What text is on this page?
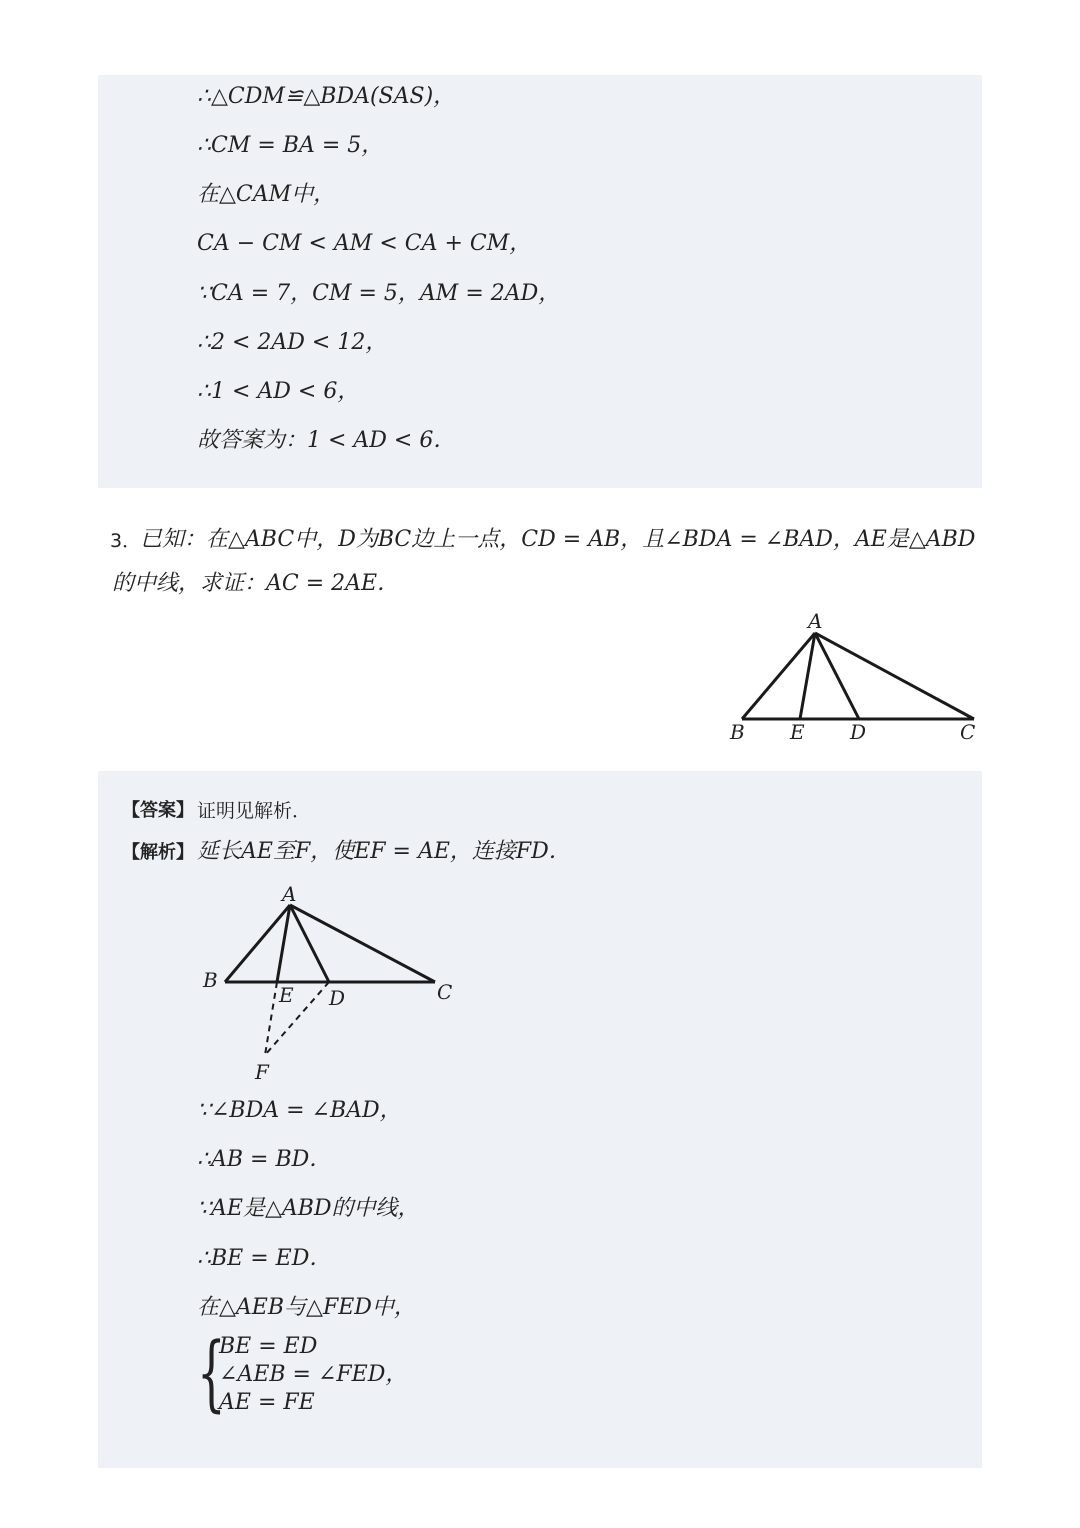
∴△CDM≌△BDA(SAS)，
∴CM = BA = 5，
在△CAM中，
CA − CM < AM < CA + CM，
∵CA = 7，CM = 5，AM = 2AD，
∴2 < 2AD < 12，
∴1 < AD < 6，
故答案为：1 < AD < 6．
3．
已知：在△ABC中，D为BC边上一点，CD = AB，且∠BDA = ∠BAD，AE是△ABD
的中线，求证：AC = 2AE．
A
B E D	C
【答案】 证明见解析．
【解析】 延长AE至F，使EF = AE，连接FD．
A
B
E D	C
F
∵∠BDA = ∠BAD，
∴AB = BD．
∵AE是△ABD的中线，
∴BE = ED．
在△AEB与△FED中，
{
BE = ED
∠AEB = ∠FED，
AE = FE
